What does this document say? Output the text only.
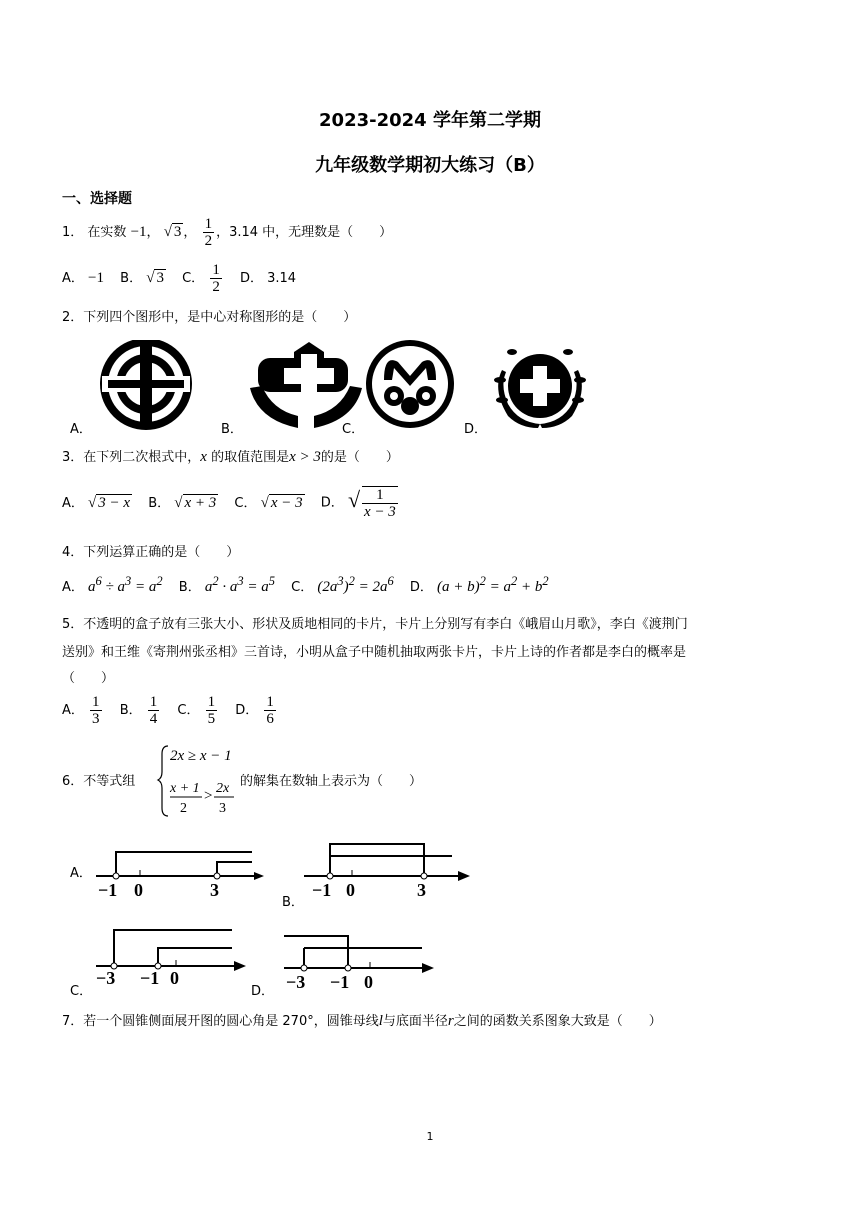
2023-2024 学年第二学期
九年级数学期初大练习（B）
一、选择题
1． 在实数 −1， √ 3 ， $\frac{1}{2}$ ，3.14 中，无理数是（　　）
A． −1 B． √ 3 C． $\frac{1}{2}$ D． 3.14
2．下列四个图形中，是中心对称图形的是（　　）
A．	B．	C．	D．
3．在下列二次根式中，x 的取值范围是x > 3的是（　　）
A． √ 3 − x B． √ x + 3 C． √ x − 3 D． √ $\frac{1}{x - 3}$
4．下列运算正确的是（　　）
A． $a^6 \div a^3 = a^2$ B． $a^2 \cdot a^3 = a^5$ C． $(2a^3)^2 = 2a^6$ D． $(a + b)^2 = a^2 + b^2$
5．不透明的盒子放有三张大小、形状及质地相同的卡片，卡片上分别写有李白《峨眉山月歌》，李白《渡荆门
送别》和王维《寄荆州张丞相》三首诗，小明从盒子中随机抽取两张卡片，卡片上诗的作者都是李白的概率是
（　　）
A． $\frac{1}{3}$ B． $\frac{1}{4}$ C． $\frac{1}{5}$ D． $\frac{1}{6}$
6．不等式组
2x ≥ x − 1
x + 1
2
> 2x
3
的解集在数轴上表示为（　　）
−1 0	3
A．
−1 0	3
B．
−3 −1 0
C．	−3 −1 0
D．
7．若一个圆锥侧面展开图的圆心角是 270°，圆锥母线l与底面半径r之间的函数关系图象大致是（　　）
1
